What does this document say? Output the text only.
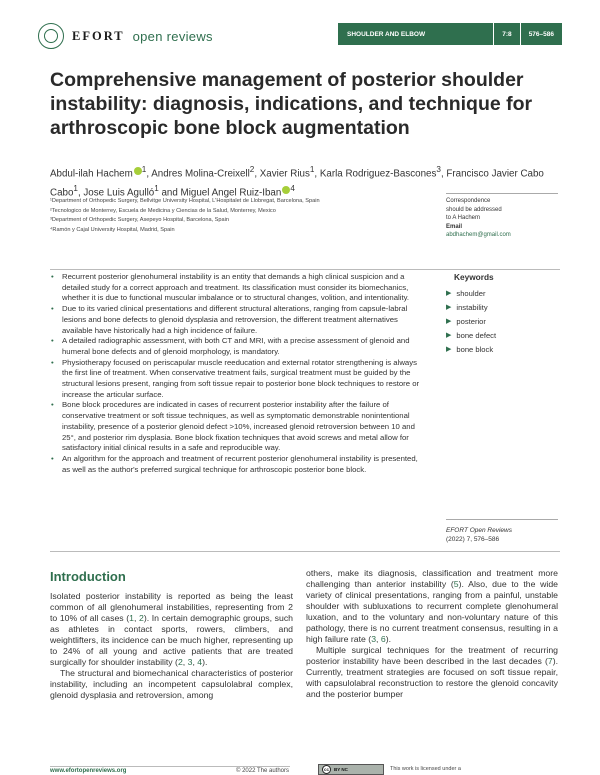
EFORT open reviews	SHOULDER AND ELBOW	7:8	576–586
Comprehensive management of posterior shoulder instability: diagnosis, indications, and technique for arthroscopic bone block augmentation
Abdul-ilah Hachem $^1$, Andres Molina-Creixell$^2$, Xavier Rius$^1$, Karla Rodriguez-Bascones$^3$, Francisco Javier Cabo Cabo$^1$, Jose Luis Agulló$^1$ and Miguel Angel Ruiz-Iban $^4$
¹Department of Orthopedic Surgery, Bellvitge University Hospital, L'Hospitalet de Llobregat, Barcelona, Spain
²Tecnologico de Monterrey, Escuela de Medicina y Ciencias de la Salud, Monterrey, Mexico
³Department of Orthopedic Surgery, Asepeyo Hospital, Barcelona, Spain
⁴Ramón y Cajal University Hospital, Madrid, Spain
Correspondence
should be addressed
to A Hachem
Email
abdhachem@gmail.com
• Recurrent posterior glenohumeral instability is an entity that demands a high clinical suspicion and a detailed study for a correct approach and treatment. Its classification must consider its biomechanics, whether it is due to functional muscular imbalance or to structural changes, volition, and intentionality.
• Due to its varied clinical presentations and different structural alterations, ranging from capsule-labral lesions and bone defects to glenoid dysplasia and retroversion, the different treatment alternatives available have historically had a high incidence of failure.
• A detailed radiographic assessment, with both CT and MRI, with a precise assessment of glenoid and humeral bone defects and of glenoid morphology, is mandatory.
• Physiotherapy focused on periscapular muscle reeducation and external rotator strengthening is always the first line of treatment. When conservative treatment fails, surgical treatment must be guided by the structural lesions present, ranging from soft tissue repair to posterior bone block techniques to restore or increase the articular surface.
• Bone block procedures are indicated in cases of recurrent posterior instability after the failure of conservative treatment or soft tissue techniques, as well as symptomatic demonstrable nonintentional instability, presence of a posterior glenoid defect >10%, increased glenoid retroversion between 10 and 25°, and posterior rim dysplasia. Bone block fixation techniques that avoid screws and metal allow for satisfactory initial clinical results in a safe and reproducible way.
• An algorithm for the approach and treatment of recurrent posterior glenohumeral instability is presented, as well as the author's preferred surgical technique for arthroscopic posterior bone block.
Keywords
▶ shoulder
▶ instability
▶ posterior
▶ bone defect
▶ bone block
EFORT Open Reviews
(2022) 7, 576–586
Introduction

Isolated posterior instability is reported as being the least common of all glenohumeral instabilities, representing from 2 to 10% of all cases (1, 2). In certain demographic groups, such as athletes in contact sports, rowers, climbers, and weightlifters, its incidence can be much higher, representing up to 24% of all young and active patients that are treated surgically for shoulder instability (2, 3, 4).

The structural and biomechanical characteristics of posterior instability, including an incompetent capsulolabral complex, glenoid dysplasia and retroversion, among

others, make its diagnosis, classification and treatment more challenging than anterior instability (5). Also, due to the wide variety of clinical presentations, ranging from a painful, unstable shoulder with subluxations to recurrent complete glenohumeral luxation, and to the voluntary and non-voluntary nature of this pathology, there is no current treatment consensus, resulting in a high failure rate (3, 6).

Multiple surgical techniques for the treatment of recurring posterior instability have been described in the last decades (7). Currently, treatment strategies are focused on soft tissue repair, with capsulolabral reconstruction to restore the glenoid concavity and the posterior bumper

www.efortopenreviews.org	© 2022 The authors	cc	BY NC	This work is licensed under a
